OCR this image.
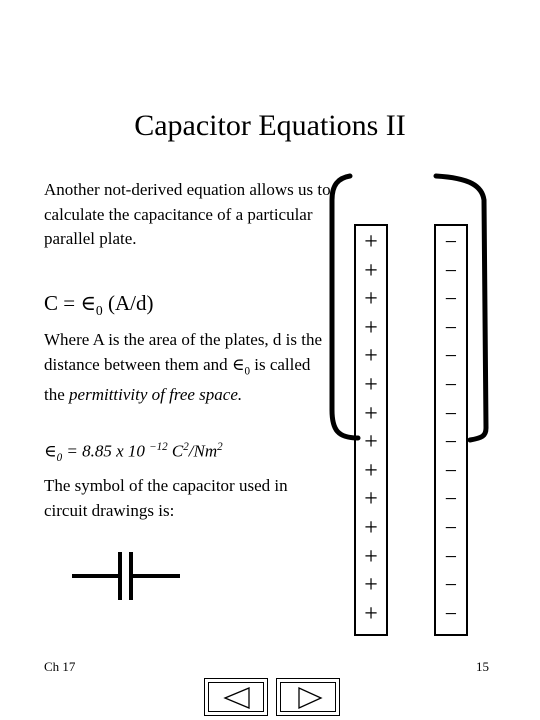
Capacitor Equations II
Another not-derived equation allows us to calculate the capacitance of a particular parallel plate.
$C = \in_0$ (A/d)
Where A is the area of the plates, d is the distance between them and $\in_0$ is called the permittivity of free space.
$\in_0 = 8.85$ x 10 $^{-12}$ $C^2/Nm^2$
The symbol of the capacitor used in circuit drawings is:
+
+
+
+
+
+
+
+
+
+
+
+
+
+
−
−
−
−
−
−
−
−
−
−
−
−
−
−
Ch 17	15
